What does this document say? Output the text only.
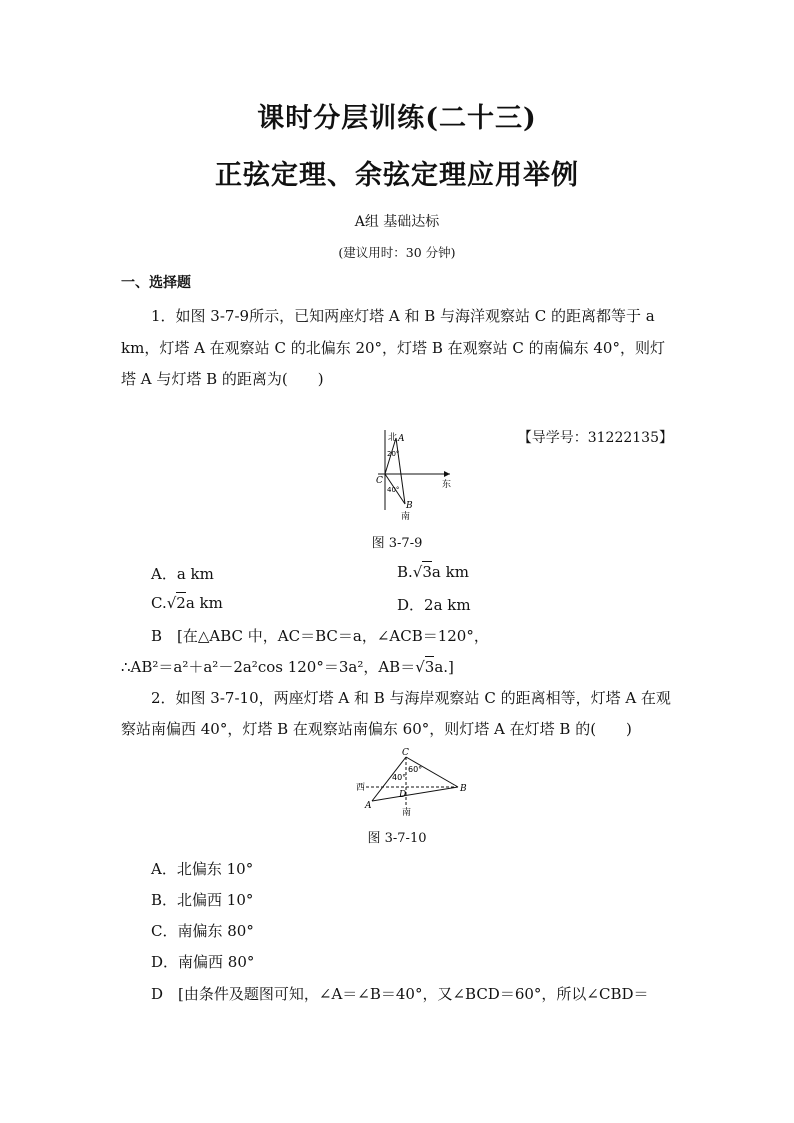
课时分层训练(二十三)
正弦定理、余弦定理应用举例
A组 基础达标
(建议用时：30 分钟)
一、选择题
1．如图 3-7-9所示，已知两座灯塔 A 和 B 与海洋观察站 C 的距离都等于 a
km，灯塔 A 在观察站 C 的北偏东 20°，灯塔 B 在观察站 C 的南偏东 40°，则灯
塔 A 与灯塔 B 的距离为(　　)
【导学号：31222135】
北 A
20°
C
40°	东
B
南
图 3-7-9
A．a km	B.√3a km
C.√2a km	D．2a km
B　[在△ABC 中，AC＝BC＝a，∠ACB＝120°，
∴AB²＝a²＋a²－2a²cos 120°＝3a²，AB＝√3a.]
2．如图 3-7-10，两座灯塔 A 和 B 与海岸观察站 C 的距离相等，灯塔 A 在观
察站南偏西 40°，灯塔 B 在观察站南偏东 60°，则灯塔 A 在灯塔 B 的(　　)
C
60°
40°
西
D
B
A
南
图 3-7-10
A．北偏东 10°
B．北偏西 10°
C．南偏东 80°
D．南偏西 80°
D　[由条件及题图可知，∠A＝∠B＝40°，又∠BCD＝60°，所以∠CBD＝
